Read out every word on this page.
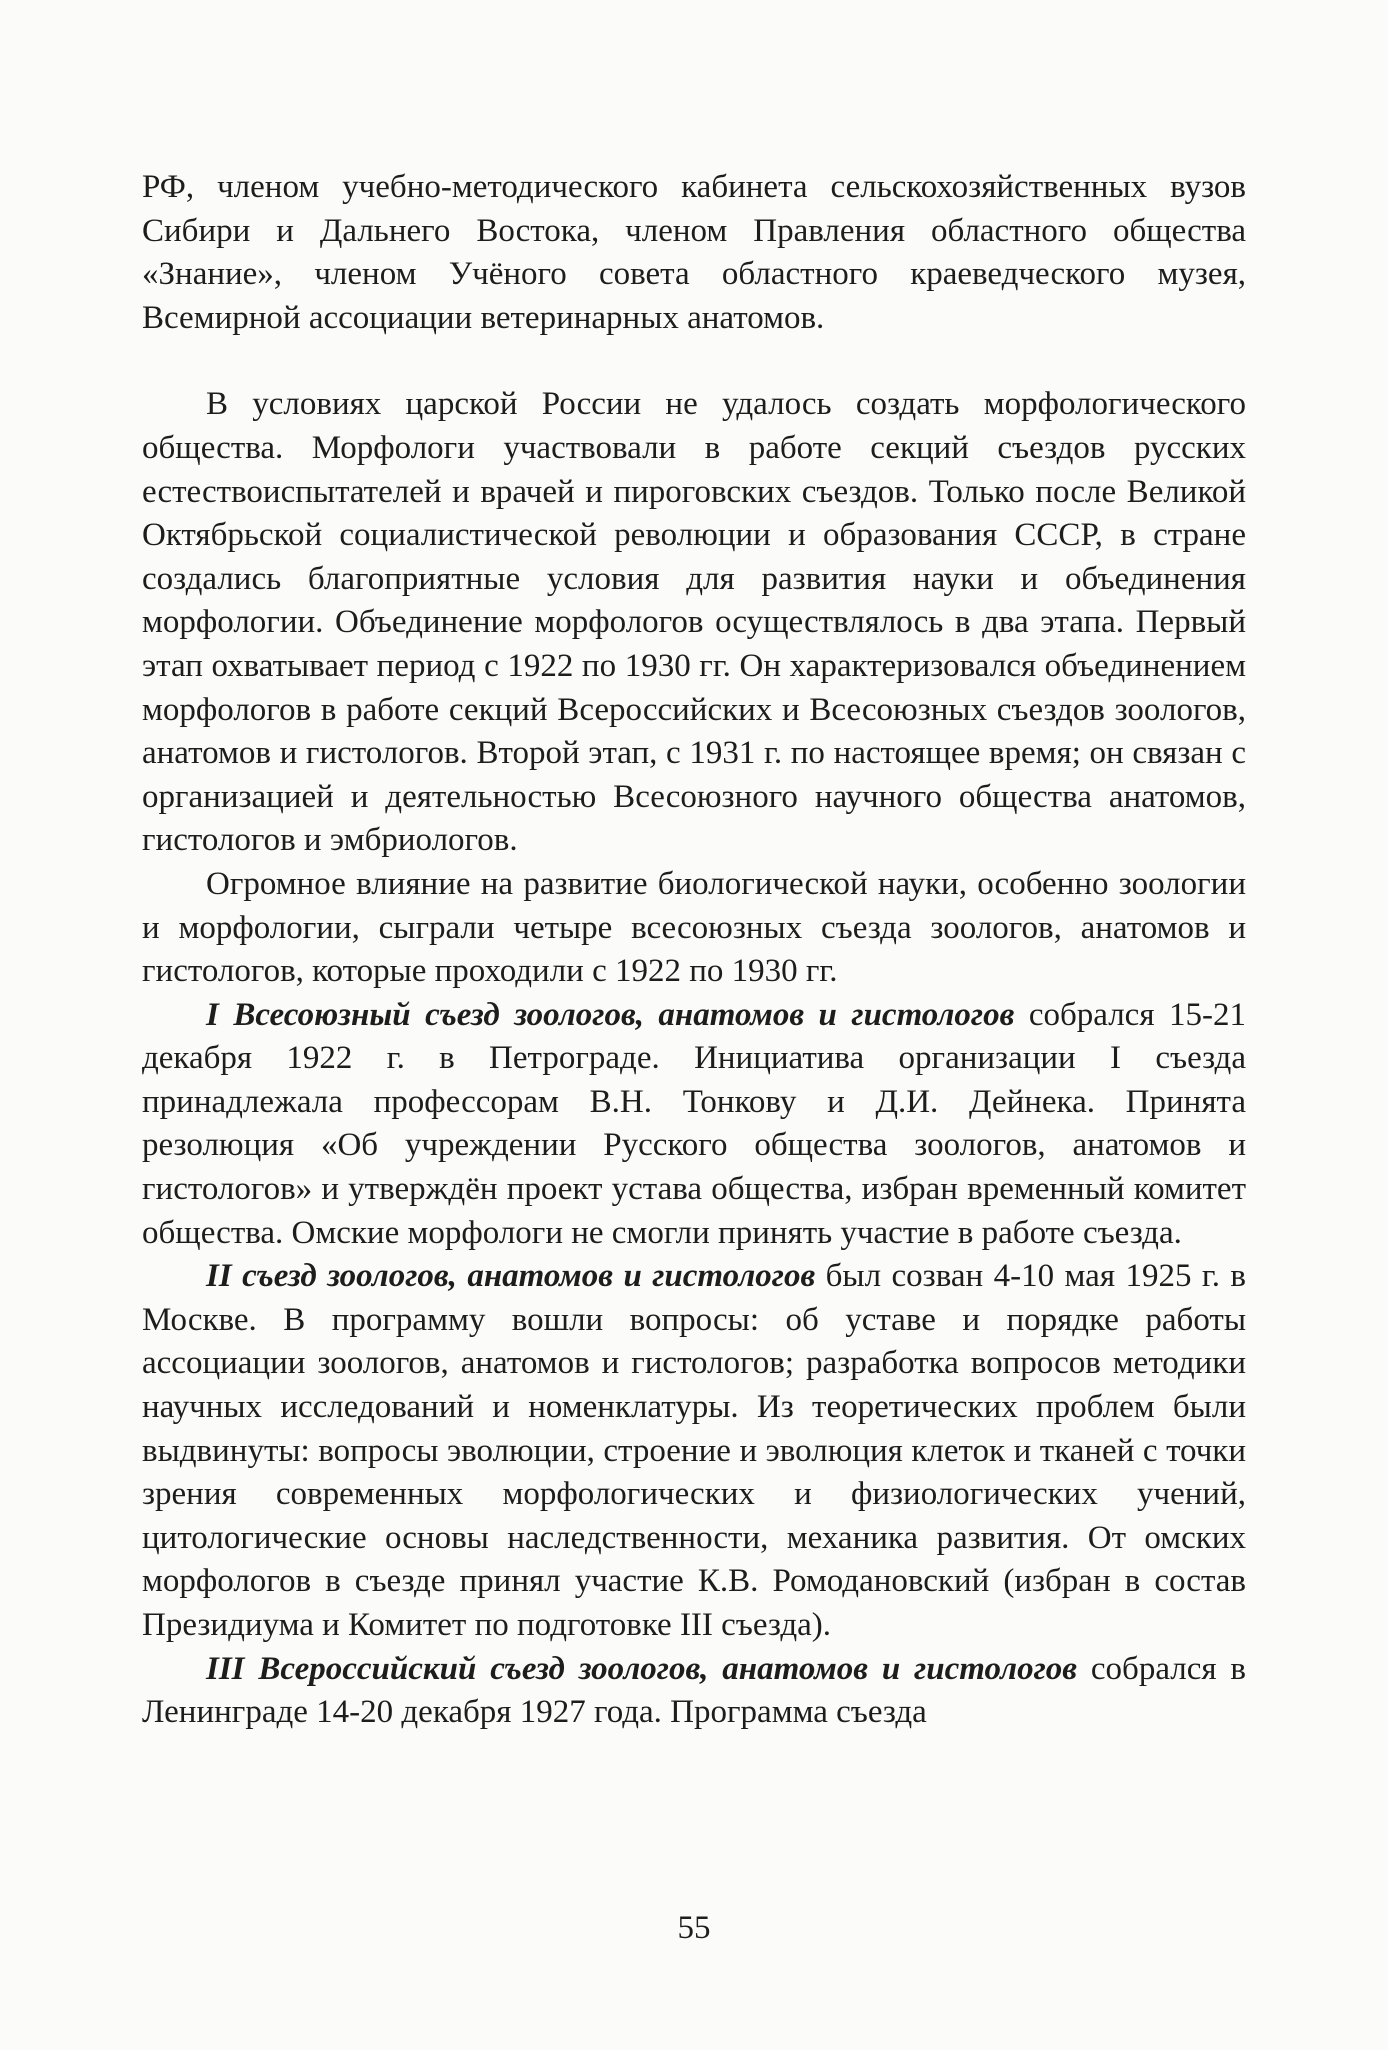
РФ, членом учебно-методического кабинета сельскохозяйственных вузов Сибири и Дальнего Востока, членом Правления областного общества «Знание», членом Учёного совета областного краеведческого музея, Всемирной ассоциации ветеринарных анатомов.

В условиях царской России не удалось создать морфологического общества. Морфологи участвовали в работе секций съездов русских естествоиспытателей и врачей и пироговских съездов. Только после Великой Октябрьской социалистической революции и образования СССР, в стране создались благоприятные условия для развития науки и объединения морфологии. Объединение морфологов осуществлялось в два этапа. Первый этап охватывает период с 1922 по 1930 гг. Он характеризовался объединением морфологов в работе секций Всероссийских и Всесоюзных съездов зоологов, анатомов и гистологов. Второй этап, с 1931 г. по настоящее время; он связан с организацией и деятельностью Всесоюзного научного общества анатомов, гистологов и эмбриологов.

Огромное влияние на развитие биологической науки, особенно зоологии и морфологии, сыграли четыре всесоюзных съезда зоологов, анатомов и гистологов, которые проходили с 1922 по 1930 гг.

I Всесоюзный съезд зоологов, анатомов и гистологов собрался 15-21 декабря 1922 г. в Петрограде. Инициатива организации I съезда принадлежала профессорам В.Н. Тонкову и Д.И. Дейнека. Принята резолюция «Об учреждении Русского общества зоологов, анатомов и гистологов» и утверждён проект устава общества, избран временный комитет общества. Омские морфологи не смогли принять участие в работе съезда.

II съезд зоологов, анатомов и гистологов был созван 4-10 мая 1925 г. в Москве. В программу вошли вопросы: об уставе и порядке работы ассоциации зоологов, анатомов и гистологов; разработка вопросов методики научных исследований и номенклатуры. Из теоретических проблем были выдвинуты: вопросы эволюции, строение и эволюция клеток и тканей с точки зрения современных морфологических и физиологических учений, цитологические основы наследственности, механика развития. От омских морфологов в съезде принял участие К.В. Ромодановский (избран в состав Президиума и Комитет по подготовке III съезда).

III Всероссийский съезд зоологов, анатомов и гистологов собрался в Ленинграде 14-20 декабря 1927 года. Программа съезда

55
